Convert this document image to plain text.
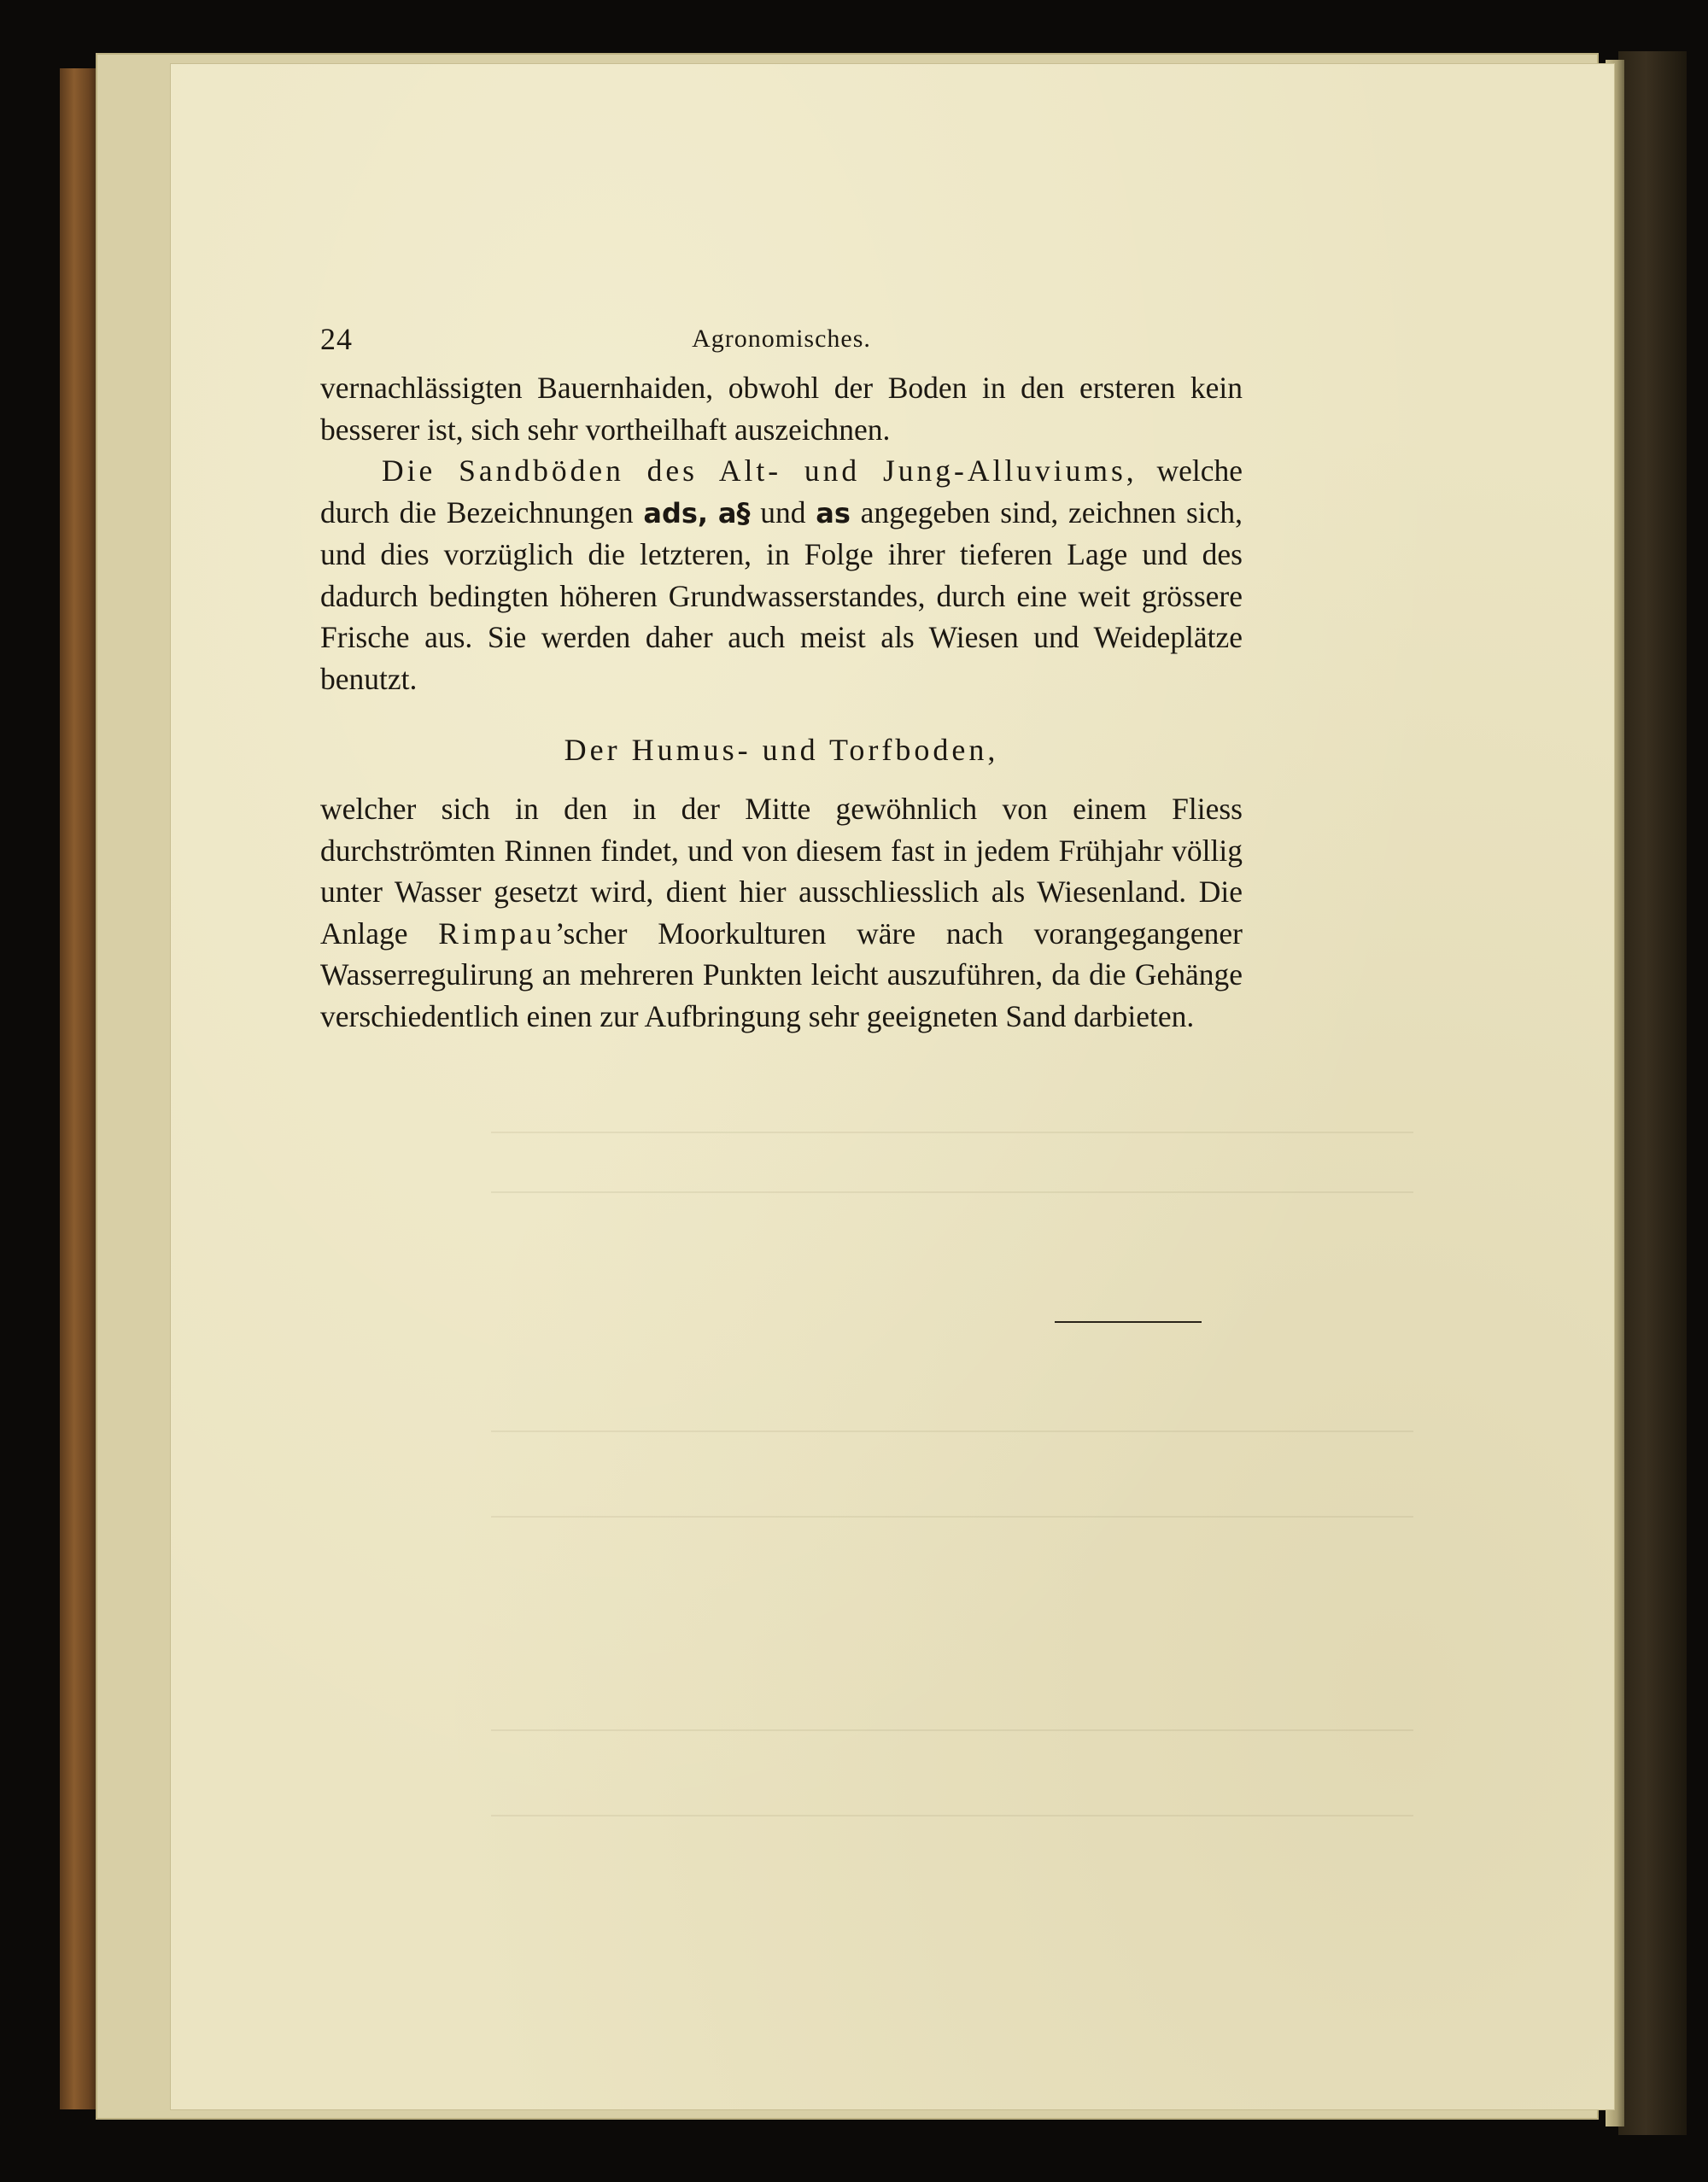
24	Agronomisches.

vernachlässigten Bauernhaiden, obwohl der Boden in den ersteren kein besserer ist, sich sehr vortheilhaft auszeichnen.

Die Sandböden des Alt- und Jung-Alluviums, welche durch die Bezeichnungen ads, a§ und as angegeben sind, zeichnen sich, und dies vorzüglich die letzteren, in Folge ihrer tieferen Lage und des dadurch bedingten höheren Grundwasserstandes, durch eine weit grössere Frische aus. Sie werden daher auch meist als Wiesen und Weideplätze benutzt.

Der Humus- und Torfboden,

welcher sich in den in der Mitte gewöhnlich von einem Fliess durchströmten Rinnen findet, und von diesem fast in jedem Frühjahr völlig unter Wasser gesetzt wird, dient hier ausschliesslich als Wiesenland. Die Anlage Rimpau’scher Moorkulturen wäre nach vorangegangener Wasserregulirung an mehreren Punkten leicht auszuführen, da die Gehänge verschiedentlich einen zur Aufbringung sehr geeigneten Sand darbieten.
